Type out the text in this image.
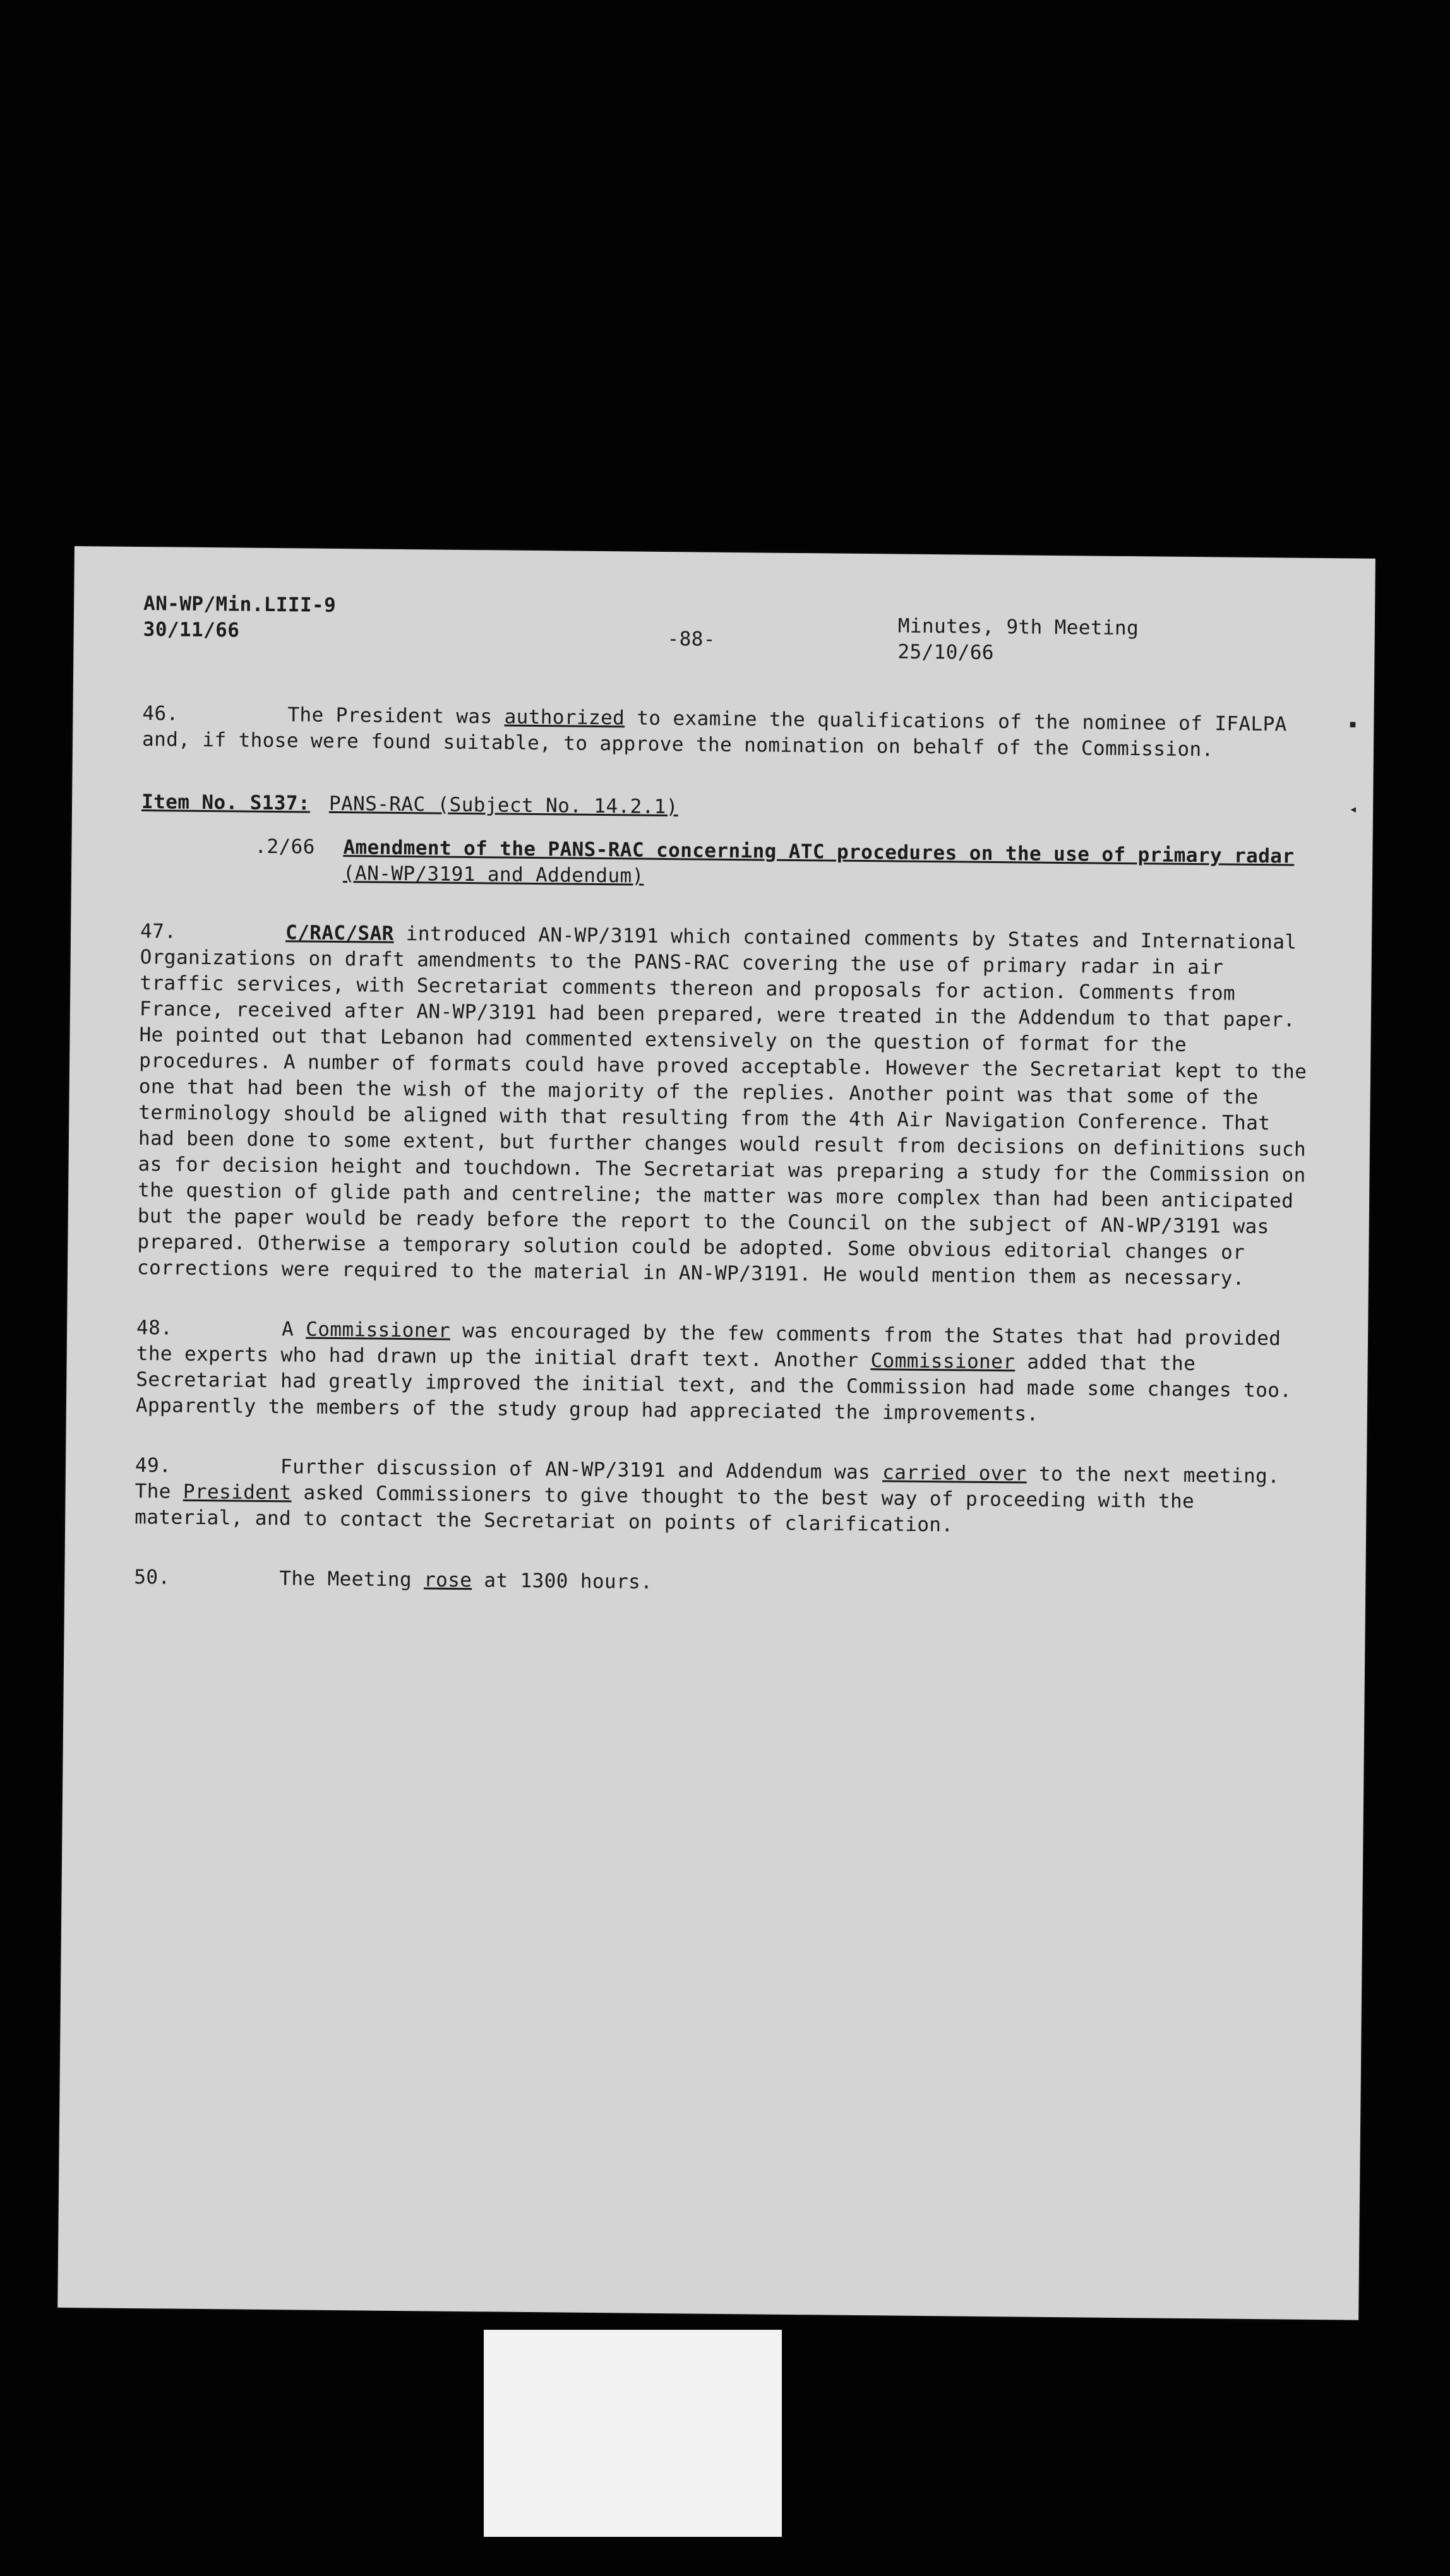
AN-WP/Min.LIII-9
30/11/66	-88-	Minutes, 9th Meeting
25/10/66
46.	The President was authorized to examine the qualifications of the nominee of IFALPA and, if those were found suitable, to approve the nomination on behalf of the Commission.
Item No. S137: PANS-RAC (Subject No. 14.2.1)
.2/66 Amendment of the PANS-RAC concerning ATC procedures on the use of primary radar
(AN-WP/3191 and Addendum)
47.	C/RAC/SAR introduced AN-WP/3191 which contained comments by States and International Organizations on draft amendments to the PANS-RAC covering the use of primary radar in air traffic services, with Secretariat comments thereon and proposals for action. Comments from France, received after AN-WP/3191 had been prepared, were treated in the Addendum to that paper. He pointed out that Lebanon had commented extensively on the question of format for the procedures. A number of formats could have proved acceptable. However the Secretariat kept to the one that had been the wish of the majority of the replies. Another point was that some of the terminology should be aligned with that resulting from the 4th Air Navigation Conference. That had been done to some extent, but further changes would result from decisions on definitions such as for decision height and touchdown. The Secretariat was preparing a study for the Commission on the question of glide path and centreline; the matter was more complex than had been anticipated but the paper would be ready before the report to the Council on the subject of AN-WP/3191 was prepared. Otherwise a temporary solution could be adopted. Some obvious editorial changes or corrections were required to the material in AN-WP/3191. He would mention them as necessary.
48.	A Commissioner was encouraged by the few comments from the States that had provided the experts who had drawn up the initial draft text. Another Commissioner added that the Secretariat had greatly improved the initial text, and the Commission had made some changes too. Apparently the members of the study group had appreciated the improvements.
49.	Further discussion of AN-WP/3191 and Addendum was carried over to the next meeting. The President asked Commissioners to give thought to the best way of proceeding with the material, and to contact the Secretariat on points of clarification.
50.	The Meeting rose at 1300 hours.
▪
◂
